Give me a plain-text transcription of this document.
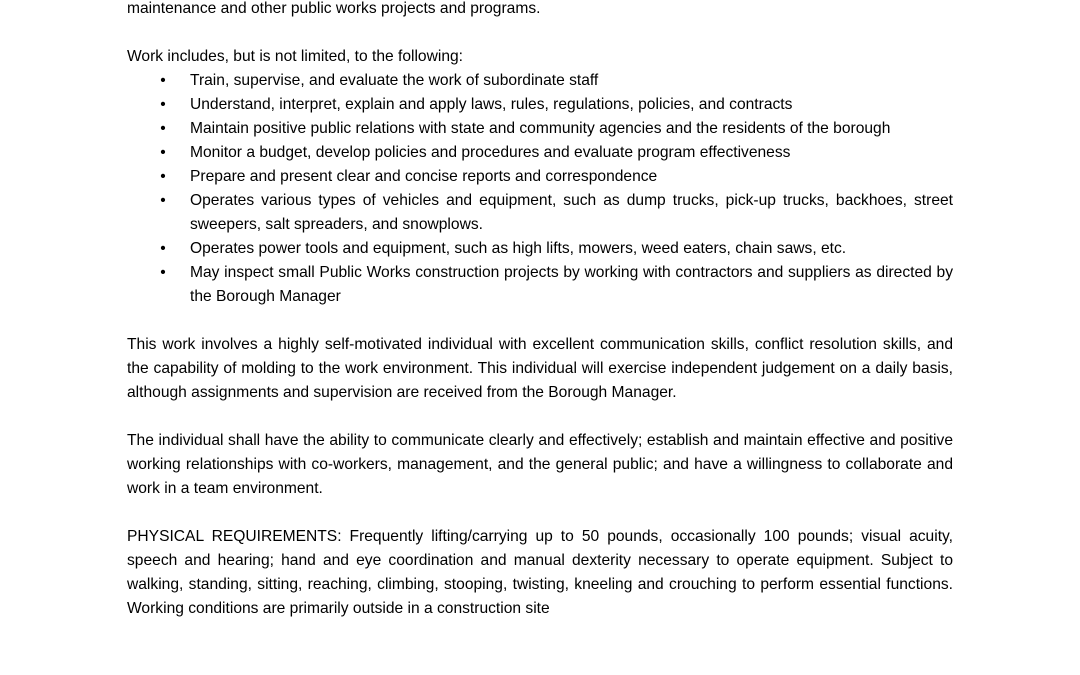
maintenance and other public works projects and programs.

Work includes, but is not limited, to the following:

• Train, supervise, and evaluate the work of subordinate staff
• Understand, interpret, explain and apply laws, rules, regulations, policies, and contracts
• Maintain positive public relations with state and community agencies and the residents of the borough
• Monitor a budget, develop policies and procedures and evaluate program effectiveness
• Prepare and present clear and concise reports and correspondence
• Operates various types of vehicles and equipment, such as dump trucks, pick-up trucks, backhoes, street sweepers, salt spreaders, and snowplows.
• Operates power tools and equipment, such as high lifts, mowers, weed eaters, chain saws, etc.
• May inspect small Public Works construction projects by working with contractors and suppliers as directed by the Borough Manager

This work involves a highly self-motivated individual with excellent communication skills, conflict resolution skills, and the capability of molding to the work environment. This individual will exercise independent judgement on a daily basis, although assignments and supervision are received from the Borough Manager.

The individual shall have the ability to communicate clearly and effectively; establish and maintain effective and positive working relationships with co-workers, management, and the general public; and have a willingness to collaborate and work in a team environment.

PHYSICAL REQUIREMENTS: Frequently lifting/carrying up to 50 pounds, occasionally 100 pounds; visual acuity, speech and hearing; hand and eye coordination and manual dexterity necessary to operate equipment. Subject to walking, standing, sitting, reaching, climbing, stooping, twisting, kneeling and crouching to perform essential functions. Working conditions are primarily outside in a construction site
